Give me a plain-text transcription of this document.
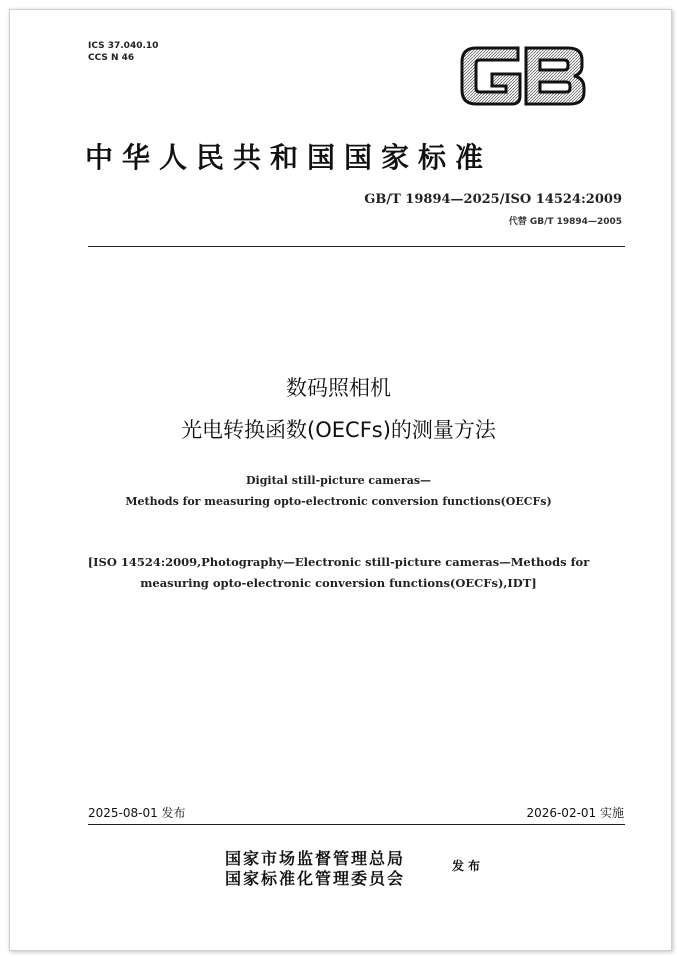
ICS 37.040.10
CCS N 46
中华人民共和国国家标准
GB/T 19894—2025/ISO 14524:2009
代替 GB/T 19894—2005
数码照相机
光电转换函数(OECFs)的测量方法
Digital still-picture cameras—
Methods for measuring opto-electronic conversion functions(OECFs)
[ISO 14524:2009,Photography—Electronic still-picture cameras—Methods for
measuring opto-electronic conversion functions(OECFs),IDT]
2025-08-01 发布	2026-02-01 实施
国家市场监督管理总局
国家标准化管理委员会
发布
